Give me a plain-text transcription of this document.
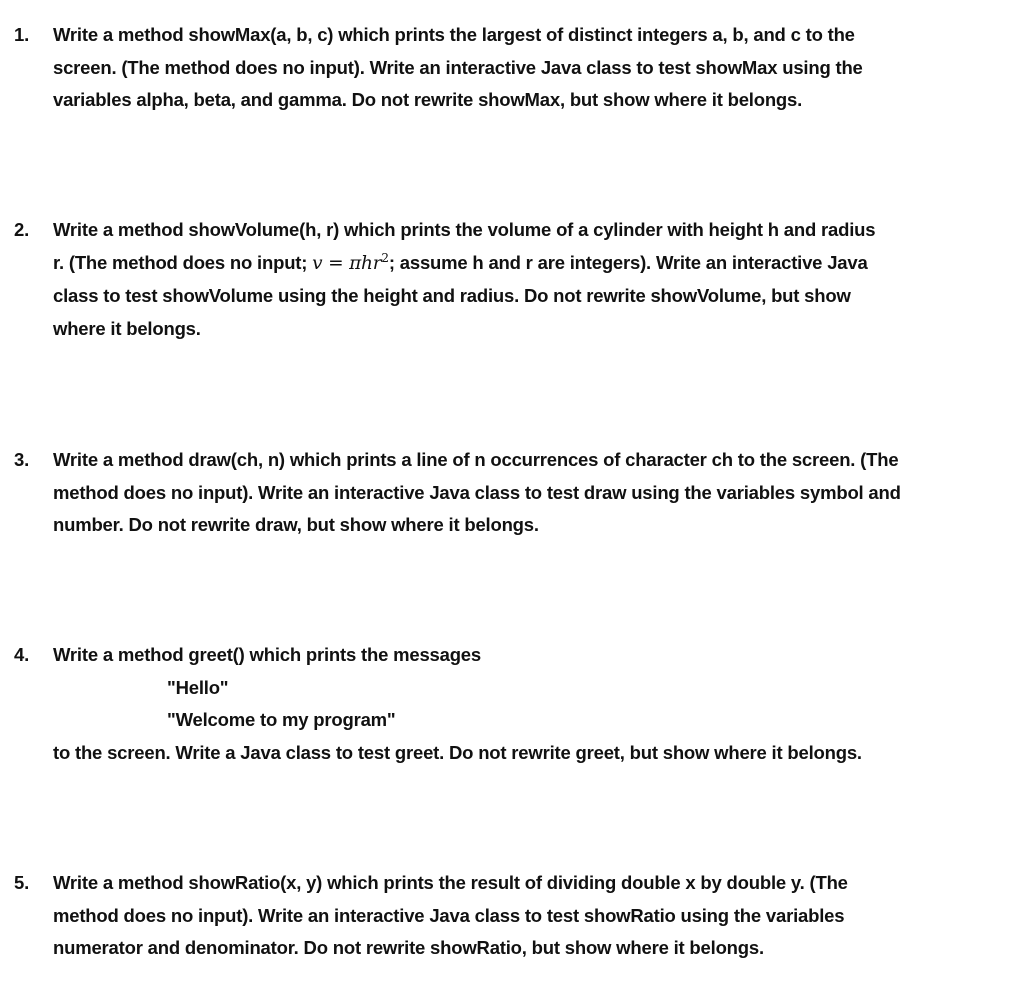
1. Write a method showMax(a, b, c) which prints the largest of distinct integers a, b, and c to the
screen. (The method does no input). Write an interactive Java class to test showMax using the
variables alpha, beta, and gamma. Do not rewrite showMax, but show where it belongs.
2. Write a method showVolume(h, r) which prints the volume of a cylinder with height h and radius
r. (The method does no input; v = πhr$^2$; assume h and r are integers). Write an interactive Java
class to test showVolume using the height and radius. Do not rewrite showVolume, but show
where it belongs.
3. Write a method draw(ch, n) which prints a line of n occurrences of character ch to the screen. (The
method does no input). Write an interactive Java class to test draw using the variables symbol and
number. Do not rewrite draw, but show where it belongs.
4. Write a method greet() which prints the messages
"Hello"
"Welcome to my program"
to the screen. Write a Java class to test greet. Do not rewrite greet, but show where it belongs.
5. Write a method showRatio(x, y) which prints the result of dividing double x by double y. (The
method does no input). Write an interactive Java class to test showRatio using the variables
numerator and denominator. Do not rewrite showRatio, but show where it belongs.
